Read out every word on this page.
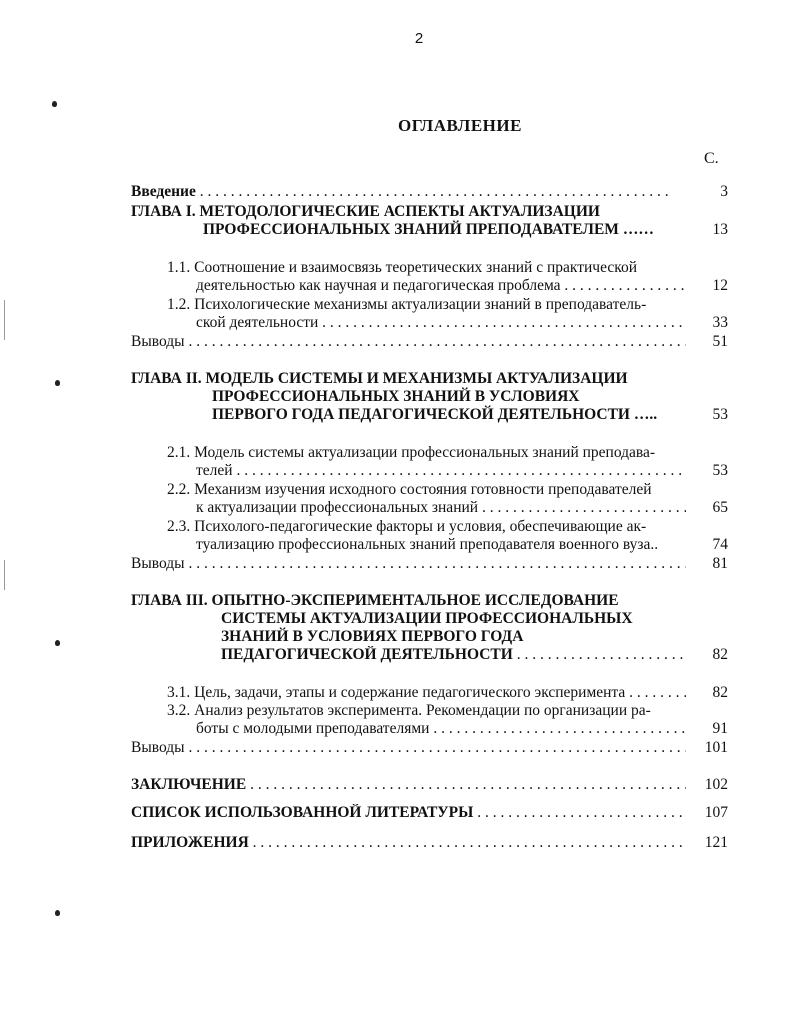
2
ОГЛАВЛЕНИЕ
С.
Введение . . .	3
ГЛАВА I. МЕТОДОЛОГИЧЕСКИЕ АСПЕКТЫ АКТУАЛИЗАЦИИ
ПРОФЕССИОНАЛЬНЫХ ЗНАНИЙ ПРЕПОДАВАТЕЛЕМ ……	13
1.1. Соотношение и взаимосвязь теоретических знаний с практической
деятельностью как научная и педагогическая проблема . . .	12
1.2. Психологические механизмы актуализации знаний в преподаватель-
ской деятельности . . .	33
Выводы . . .	51
ГЛАВА II. МОДЕЛЬ СИСТЕМЫ И МЕХАНИЗМЫ АКТУАЛИЗАЦИИ
ПРОФЕССИОНАЛЬНЫХ ЗНАНИЙ В УСЛОВИЯХ
ПЕРВОГО ГОДА ПЕДАГОГИЧЕСКОЙ ДЕЯТЕЛЬНОСТИ …..	53
2.1. Модель системы актуализации профессиональных знаний преподава-
телей . . .	53
2.2. Механизм изучения исходного состояния готовности преподавателей
к актуализации профессиональных знаний . . .	65
2.3. Психолого-педагогические факторы и условия, обеспечивающие ак-
туализацию профессиональных знаний преподавателя военного вуза..	74
Выводы . . .	81
ГЛАВА III. ОПЫТНО-ЭКСПЕРИМЕНТАЛЬНОЕ ИССЛЕДОВАНИЕ
СИСТЕМЫ АКТУАЛИЗАЦИИ ПРОФЕССИОНАЛЬНЫХ
ЗНАНИЙ В УСЛОВИЯХ ПЕРВОГО ГОДА
ПЕДАГОГИЧЕСКОЙ ДЕЯТЕЛЬНОСТИ . . .	82
3.1. Цель, задачи, этапы и содержание педагогического эксперимента . . .	82
3.2. Анализ результатов эксперимента. Рекомендации по организации ра-
боты с молодыми преподавателями . . .	91
Выводы . . .	101
ЗАКЛЮЧЕНИЕ . . .	102
СПИСОК ИСПОЛЬЗОВАННОЙ ЛИТЕРАТУРЫ . . .	107
ПРИЛОЖЕНИЯ . . .	121
